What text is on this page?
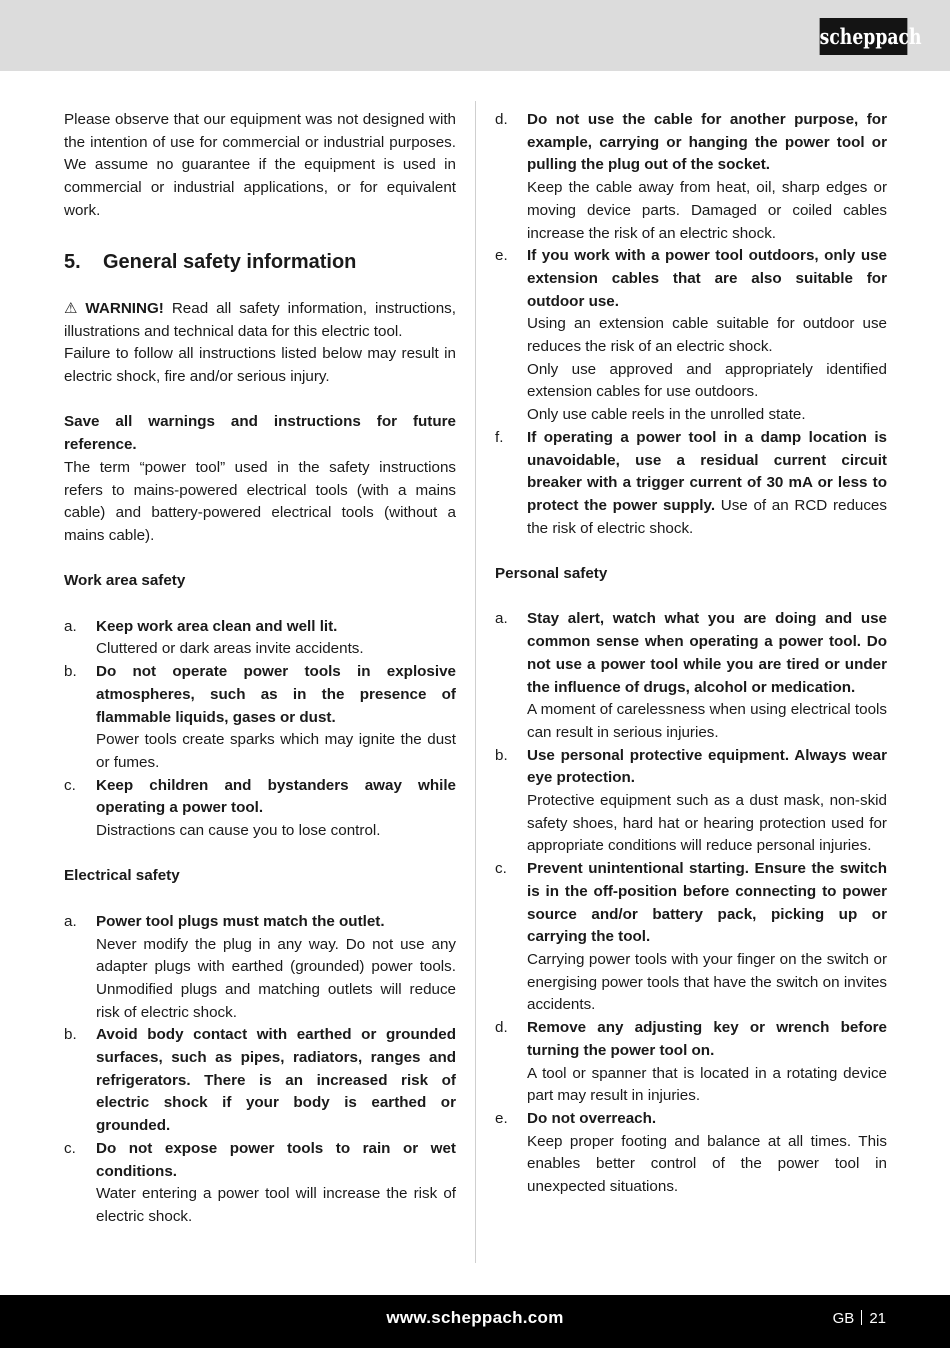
scheppach

Please observe that our equipment was not designed with the intention of use for commercial or industrial purposes. We assume no guarantee if the equipment is used in commercial or industrial applications, or for equivalent work.

5.	General safety information

⚠ WARNING! Read all safety information, instructions, illustrations and technical data for this electric tool.

Failure to follow all instructions listed below may result in electric shock, fire and/or serious injury.

Save all warnings and instructions for future reference.

The term “power tool” used in the safety instructions refers to mains-powered electrical tools (with a mains cable) and battery-powered electrical tools (without a mains cable).

Work area safety

a.	Keep work area clean and well lit.

Cluttered or dark areas invite accidents.

b.	Do not operate power tools in explosive atmospheres, such as in the presence of flammable liquids, gases or dust.

Power tools create sparks which may ignite the dust or fumes.

c.	Keep children and bystanders away while operating a power tool.

Distractions can cause you to lose control.

Electrical safety

a.	Power tool plugs must match the outlet.

Never modify the plug in any way. Do not use any adapter plugs with earthed (grounded) power tools. Unmodified plugs and matching outlets will reduce risk of electric shock.

b.	Avoid body contact with earthed or grounded surfaces, such as pipes, radiators, ranges and refrigerators. There is an increased risk of electric shock if your body is earthed or grounded.

c.	Do not expose power tools to rain or wet conditions.

Water entering a power tool will increase the risk of electric shock.

d.	Do not use the cable for another purpose, for example, carrying or hanging the power tool or pulling the plug out of the socket.

Keep the cable away from heat, oil, sharp edges or moving device parts. Damaged or coiled cables increase the risk of an electric shock.

e.	If you work with a power tool outdoors, only use extension cables that are also suitable for outdoor use.

Using an extension cable suitable for outdoor use reduces the risk of an electric shock.

Only use approved and appropriately identified extension cables for use outdoors.

Only use cable reels in the unrolled state.

f.	If operating a power tool in a damp location is unavoidable, use a residual current circuit breaker with a trigger current of 30 mA or less to protect the power supply. Use of an RCD reduces the risk of electric shock.

Personal safety

a.	Stay alert, watch what you are doing and use common sense when operating a power tool. Do not use a power tool while you are tired or under the influence of drugs, alcohol or medication.

A moment of carelessness when using electrical tools can result in serious injuries.

b.	Use personal protective equipment. Always wear eye protection.

Protective equipment such as a dust mask, non-skid safety shoes, hard hat or hearing protection used for appropriate conditions will reduce personal injuries.

c.	Prevent unintentional starting. Ensure the switch is in the off-position before connecting to power source and/or battery pack, picking up or carrying the tool.

Carrying power tools with your finger on the switch or energising power tools that have the switch on invites accidents.

d.	Remove any adjusting key or wrench before turning the power tool on.

A tool or spanner that is located in a rotating device part may result in injuries.

e.	Do not overreach.

Keep proper footing and balance at all times. This enables better control of the power tool in unexpected situations.

www.scheppach.com	GB 21
